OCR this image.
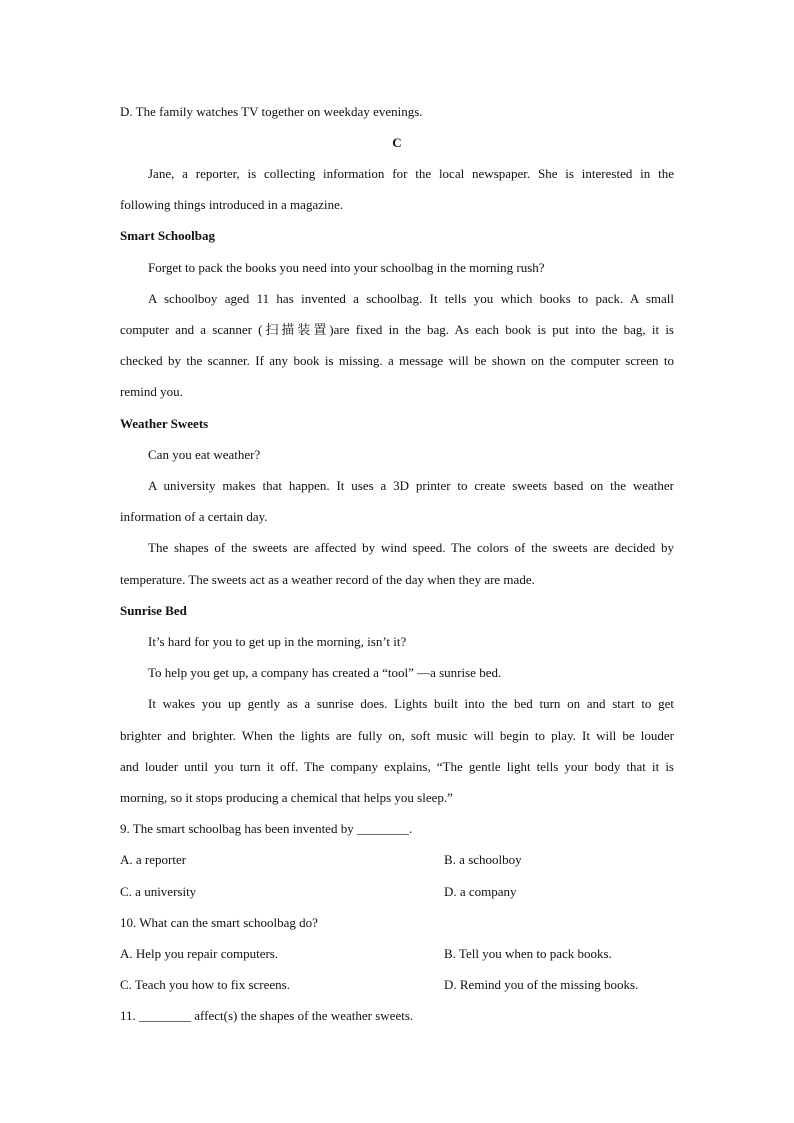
D. The family watches TV together on weekday evenings.
C
Jane, a reporter, is collecting information for the local newspaper. She is interested in the
following things introduced in a magazine.
Smart Schoolbag
Forget to pack the books you need into your schoolbag in the morning rush?
A schoolboy aged 11 has invented a schoolbag. It tells you which books to pack. A small
computer and a scanner (扫描装置)are fixed in the bag. As each book is put into the bag, it is
checked by the scanner. If any book is missing. a message will be shown on the computer screen to
remind you.
Weather Sweets
Can you eat weather?
A university makes that happen. It uses a 3D printer to create sweets based on the weather
information of a certain day.
The shapes of the sweets are affected by wind speed. The colors of the sweets are decided by
temperature. The sweets act as a weather record of the day when they are made.
Sunrise Bed
It’s hard for you to get up in the morning, isn’t it?
To help you get up, a company has created a “tool” —a sunrise bed.
It wakes you up gently as a sunrise does. Lights built into the bed turn on and start to get
brighter and brighter. When the lights are fully on, soft music will begin to play. It will be louder
and louder until you turn it off. The company explains, “The gentle light tells your body that it is
morning, so it stops producing a chemical that helps you sleep.”
9. The smart schoolbag has been invented by ________.
A. a reporter	B. a schoolboy
C. a university	D. a company
10. What can the smart schoolbag do?
A. Help you repair computers.	B. Tell you when to pack books.
C. Teach you how to fix screens.	D. Remind you of the missing books.
11. ________ affect(s) the shapes of the weather sweets.
